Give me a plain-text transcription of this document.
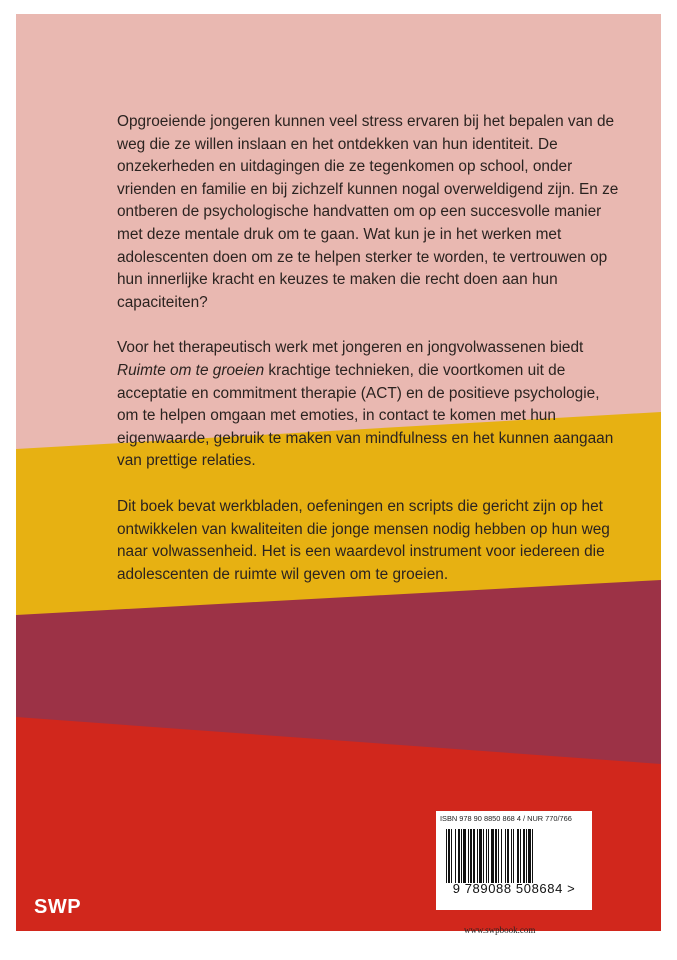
Opgroeiende jongeren kunnen veel stress ervaren bij het bepalen van de weg die ze willen inslaan en het ontdekken van hun identiteit. De onzekerheden en uitdagingen die ze tegenkomen op school, onder vrienden en familie en bij zichzelf kunnen nogal overweldigend zijn. En ze ontberen de psychologische handvatten om op een succesvolle manier met deze mentale druk om te gaan. Wat kun je in het werken met adolescenten doen om ze te helpen sterker te worden, te vertrouwen op hun innerlijke kracht en keuzes te maken die recht doen aan hun capaciteiten?

Voor het therapeutisch werk met jongeren en jongvolwassenen biedt Ruimte om te groeien krachtige technieken, die voortkomen uit de acceptatie en commitment therapie (ACT) en de positieve psychologie, om te helpen omgaan met emoties, in contact te komen met hun eigenwaarde, gebruik te maken van mindfulness en het kunnen aangaan van prettige relaties.

Dit boek bevat werkbladen, oefeningen en scripts die gericht zijn op het ontwikkelen van kwaliteiten die jonge mensen nodig hebben op hun weg naar volwassenheid. Het is een waardevol instrument voor iedereen die adolescenten de ruimte wil geven om te groeien.

SWP
ISBN 978 90 8850 868 4 / NUR 770/766
9 789088 508684 >
www.swpbook.com
